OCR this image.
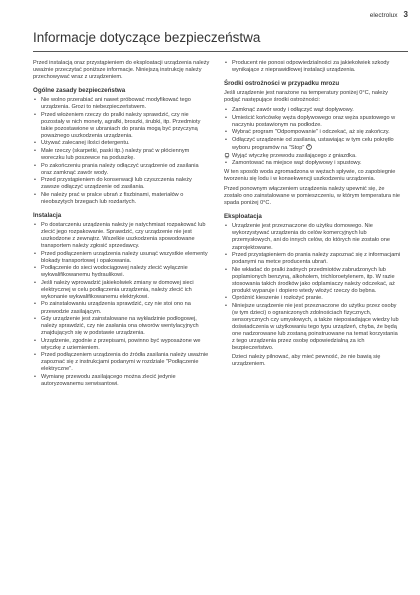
electrolux 3
Informacje dotyczące bezpieczeństwa

Przed instalacją oraz przystąpieniem do eksploatacji urządzenia należy uważnie przeczytać poniższe informacje. Niniejszą instrukcję należy przechowywać wraz z urządzeniem.

Ogólne zasady bezpieczeństwa
• Nie wolno przerabiać ani nawet próbować modyfikować tego urządzenia. Grozi to niebezpieczeństwem.
• Przed włożeniem rzeczy do pralki należy sprawdzić, czy nie pozostały w nich monety, agrafki, broszki, śrubki, itp. Przedmioty takie pozostawione w ubraniach do prania mogą być przyczyną poważnego uszkodzenia urządzenia.
• Używać zalecanej ilości detergentu.
• Małe rzeczy (skarpetki, paski itp.) należy prać w płóciennym woreczku lub poszewce na poduszkę.
• Po zakończeniu prania należy odłączyć urządzenie od zasilania oraz zamknąć zawór wody.
• Przed przystąpieniem do konserwacji lub czyszczenia należy zawsze odłączyć urządzenie od zasilania.
• Nie należy prać w pralce ubrań z fiszbinami, materiałów o nieobszytych brzegach lub rozdartych.
Instalacja
• Po dostarczeniu urządzenia należy je natychmiast rozpakować lub zlecić jego rozpakowanie. Sprawdzić, czy urządzenie nie jest uszkodzone z zewnątrz. Wszelkie uszkodzenia spowodowane transportem należy zgłosić sprzedawcy.
• Przed podłączeniem urządzenia należy usunąć wszystkie elementy blokady transportowej i opakowania.
• Podłączenie do sieci wodociągowej należy zlecić wyłącznie wykwalifikowanemu hydraulikowi.
• Jeśli należy wprowadzić jakiekolwiek zmiany w domowej sieci elektrycznej w celu podłączenia urządzenia, należy zlecić ich wykonanie wykwalifikowanemu elektrykowi.
• Po zainstalowaniu urządzenia sprawdzić, czy nie stoi ono na przewodzie zasilającym.
• Gdy urządzenie jest zainstalowane na wykładzinie podłogowej, należy sprawdzić, czy nie zasłania ona otworów wentylacyjnych znajdujących się w podstawie urządzenia.
• Urządzenie, zgodnie z przepisami, powinno być wyposażone we wtyczkę z uziemieniem.
• Przed podłączeniem urządzenia do źródła zasilania należy uważnie zapoznać się z instrukcjami podanymi w rozdziale "Podłączenie elektryczne".
• Wymianę przewodu zasilającego można zlecić jedynie autoryzowanemu serwisantowi.
• Producent nie ponosi odpowiedzialności za jakiekolwiek szkody wynikające z nieprawidłowej instalacji urządzenia.
Środki ostrożności w przypadku mrozu

Jeśli urządzenie jest narażone na temperatury poniżej 0°C, należy podjąć następujące środki ostrożności:

• Zamknąć zawór wody i odłączyć wąż dopływowy.
• Umieścić końcówkę węża dopływowego oraz węża spustowego w naczyniu postawionym na podłodze.
• Wybrać program "Odpompowanie" i odczekać, aż się zakończy.
• Odłączyć urządzenie od zasilania, ustawiając w tym celu pokrętło wyboru programów na "Stop"
Wyjąć wtyczkę przewodu zasilającego z gniazdka.
• Zamontować na miejsce wąż dopływowy i spustowy.

W ten sposób woda zgromadzona w wężach spływie, co zapobiegnie tworzeniu się lodu i w konsekwencji uszkodzeniu urządzenia.

Przed ponownym włączeniem urządzenia należy upewnić się, że zostało ono zainstalowane w pomieszczeniu, w którym temperatura nie spada poniżej 0°C.

Eksploatacja
• Urządzenie jest przeznaczone do użytku domowego. Nie wykorzystywać urządzenia do celów komercyjnych lub przemysłowych, ani do innych celów, do których nie zostało one zaprojektowane.
• Przed przystąpieniem do prania należy zapoznać się z informacjami podanymi na metce producenta ubrań.
• Nie wkładać do pralki żadnych przedmiotów zabrudzonych lub poplamionych benzyną, alkoholem, trichloroetylenem, itp. W razie stosowania takich środków jako odplamiaczy należy odczekać, aż produkt wyparuje i dopiero wtedy włożyć rzeczy do bębna.
• Opróżnić kieszenie i rozłożyć pranie.
• Niniejsze urządzenie nie jest przeznaczone do użytku przez osoby (w tym dzieci) o ograniczonych zdolnościach fizycznych, sensorycznych czy umysłowych, a także nieposiadające wiedzy lub doświadczenia w użytkowaniu tego typu urządzeń, chyba, że będą one nadzorowane lub zostaną poinstruowane na temat korzystania z tego urządzenia przez osobę odpowiedzialną za ich bezpieczeństwo.

Dzieci należy pilnować, aby mieć pewność, że nie bawią się urządzeniem.
